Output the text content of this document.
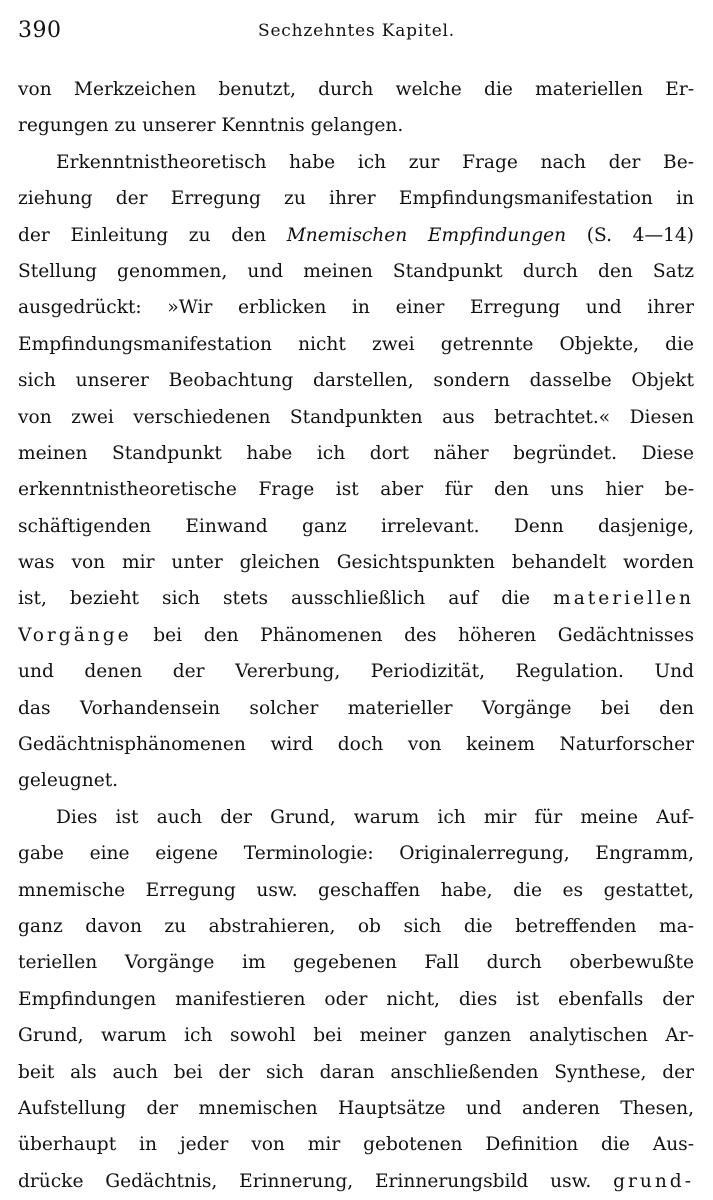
390	Sechzehntes Kapitel.
von Merkzeichen benutzt, durch welche die materiellen Er-
regungen zu unserer Kenntnis gelangen.
Erkenntnistheoretisch habe ich zur Frage nach der Be-
ziehung der Erregung zu ihrer Empfindungsmanifestation in
der Einleitung zu den Mnemischen Empfindungen (S. 4—14)
Stellung genommen, und meinen Standpunkt durch den Satz
ausgedrückt: »Wir erblicken in einer Erregung und ihrer
Empfindungsmanifestation nicht zwei getrennte Objekte, die
sich unserer Beobachtung darstellen, sondern dasselbe Objekt
von zwei verschiedenen Standpunkten aus betrachtet.« Diesen
meinen Standpunkt habe ich dort näher begründet. Diese
erkenntnistheoretische Frage ist aber für den uns hier be-
schäftigenden Einwand ganz irrelevant. Denn dasjenige,
was von mir unter gleichen Gesichtspunkten behandelt worden
ist, bezieht sich stets ausschließlich auf die materiellen
Vorgänge bei den Phänomenen des höheren Gedächtnisses
und denen der Vererbung, Periodizität, Regulation. Und
das Vorhandensein solcher materieller Vorgänge bei den
Gedächtnisphänomenen wird doch von keinem Naturforscher
geleugnet.
Dies ist auch der Grund, warum ich mir für meine Auf-
gabe eine eigene Terminologie: Originalerregung, Engramm,
mnemische Erregung usw. geschaffen habe, die es gestattet,
ganz davon zu abstrahieren, ob sich die betreffenden ma-
teriellen Vorgänge im gegebenen Fall durch oberbewußte
Empfindungen manifestieren oder nicht, dies ist ebenfalls der
Grund, warum ich sowohl bei meiner ganzen analytischen Ar-
beit als auch bei der sich daran anschließenden Synthese, der
Aufstellung der mnemischen Hauptsätze und anderen Thesen,
überhaupt in jeder von mir gebotenen Definition die Aus-
drücke Gedächtnis, Erinnerung, Erinnerungsbild usw. grund-
